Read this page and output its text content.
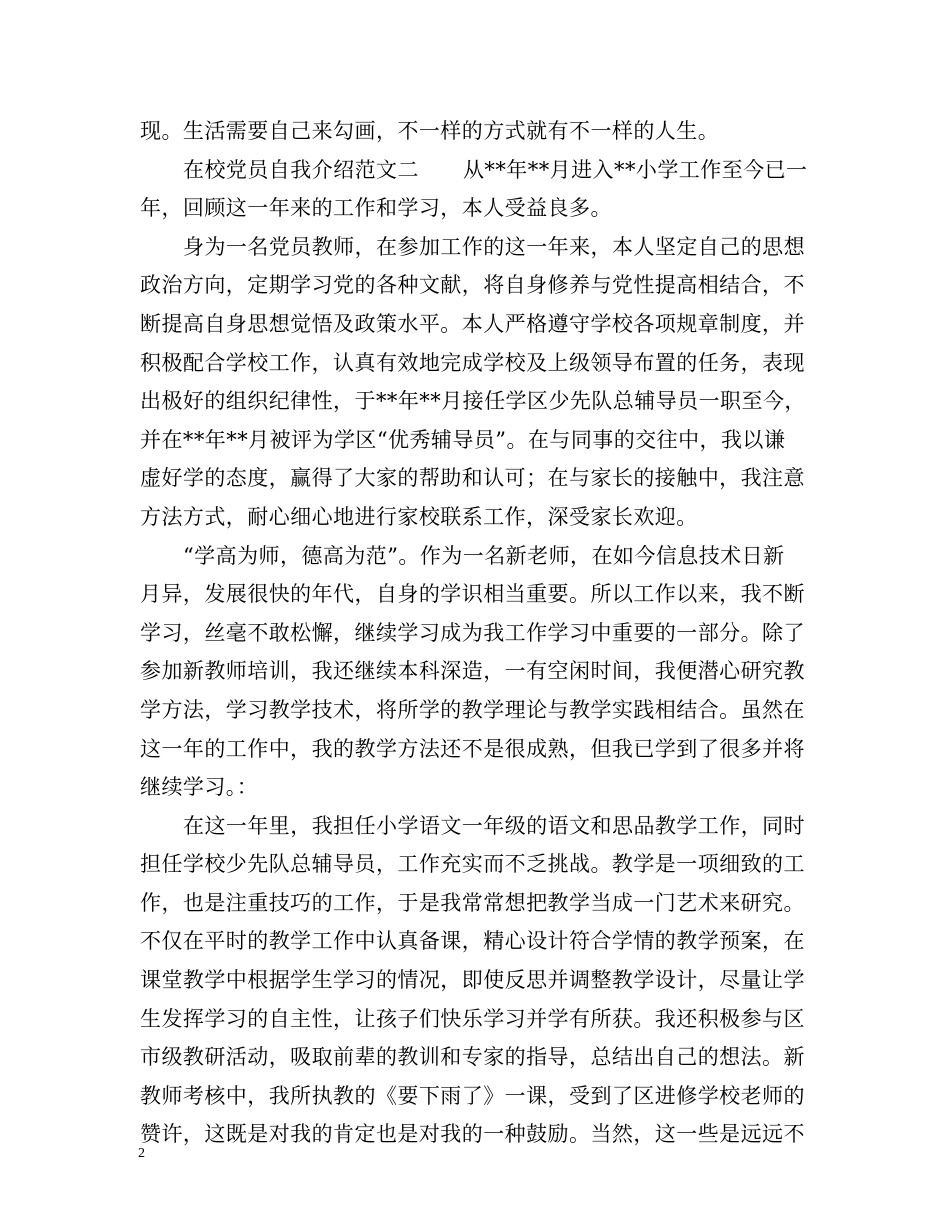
现。生活需要自己来勾画，不一样的方式就有不一样的人生。
在校党员自我介绍范文二 从**年**月进入**小学工作至今已一
年，回顾这一年来的工作和学习，本人受益良多。
身为一名党员教师，在参加工作的这一年来，本人坚定自己的思想
政治方向，定期学习党的各种文献，将自身修养与党性提高相结合，不
断提高自身思想觉悟及政策水平。本人严格遵守学校各项规章制度，并
积极配合学校工作，认真有效地完成学校及上级领导布置的任务，表现
出极好的组织纪律性，于**年**月接任学区少先队总辅导员一职至今，
并在**年**月被评为学区“优秀辅导员”。在与同事的交往中，我以谦
虚好学的态度，赢得了大家的帮助和认可；在与家长的接触中，我注意
方法方式，耐心细心地进行家校联系工作，深受家长欢迎。
“学高为师，德高为范”。作为一名新老师，在如今信息技术日新
月异，发展很快的年代，自身的学识相当重要。所以工作以来，我不断
学习，丝毫不敢松懈，继续学习成为我工作学习中重要的一部分。除了
参加新教师培训，我还继续本科深造，一有空闲时间，我便潜心研究教
学方法，学习教学技术，将所学的教学理论与教学实践相结合。虽然在
这一年的工作中，我的教学方法还不是很成熟，但我已学到了很多并将
继续学习。：
在这一年里，我担任小学语文一年级的语文和思品教学工作，同时
担任学校少先队总辅导员，工作充实而不乏挑战。教学是一项细致的工
作，也是注重技巧的工作，于是我常常想把教学当成一门艺术来研究。
不仅在平时的教学工作中认真备课，精心设计符合学情的教学预案，在
课堂教学中根据学生学习的情况，即使反思并调整教学设计，尽量让学
生发挥学习的自主性，让孩子们快乐学习并学有所获。我还积极参与区
市级教研活动，吸取前辈的教训和专家的指导，总结出自己的想法。新
教师考核中，我所执教的《要下雨了》一课，受到了区进修学校老师的
赞许，这既是对我的肯定也是对我的一种鼓励。当然，这一些是远远不
2
